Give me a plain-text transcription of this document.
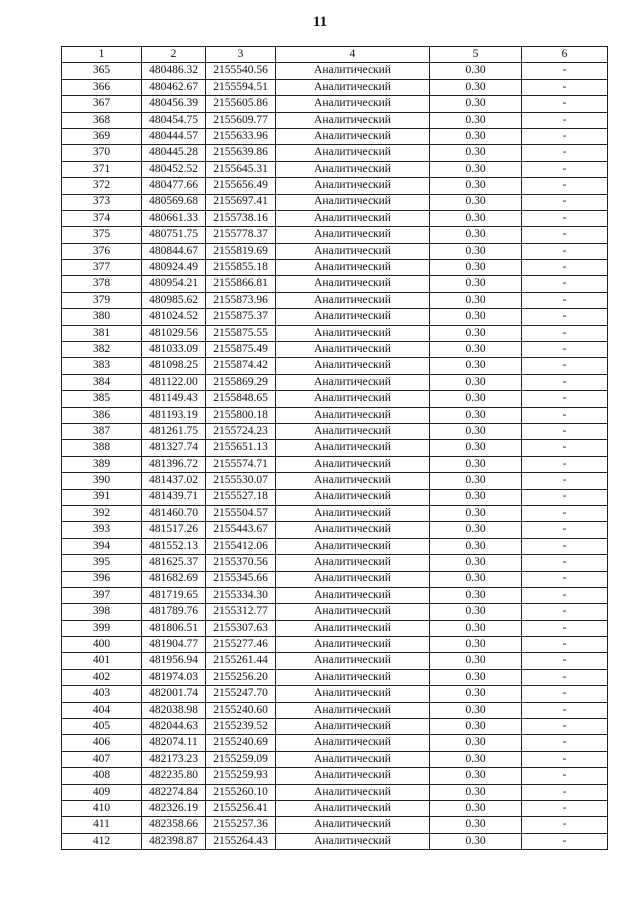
11
1	2	3	4	5	6
365	480486.32	2155540.56	Аналитический	0.30	-
366	480462.67	2155594.51	Аналитический	0.30	-
367	480456.39	2155605.86	Аналитический	0.30	-
368	480454.75	2155609.77	Аналитический	0.30	-
369	480444.57	2155633.96	Аналитический	0.30	-
370	480445.28	2155639.86	Аналитический	0.30	-
371	480452.52	2155645.31	Аналитический	0.30	-
372	480477.66	2155656.49	Аналитический	0.30	-
373	480569.68	2155697.41	Аналитический	0.30	-
374	480661.33	2155738.16	Аналитический	0.30	-
375	480751.75	2155778.37	Аналитический	0.30	-
376	480844.67	2155819.69	Аналитический	0.30	-
377	480924.49	2155855.18	Аналитический	0.30	-
378	480954.21	2155866.81	Аналитический	0.30	-
379	480985.62	2155873.96	Аналитический	0.30	-
380	481024.52	2155875.37	Аналитический	0.30	-
381	481029.56	2155875.55	Аналитический	0.30	-
382	481033.09	2155875.49	Аналитический	0.30	-
383	481098.25	2155874.42	Аналитический	0.30	-
384	481122.00	2155869.29	Аналитический	0.30	-
385	481149.43	2155848.65	Аналитический	0.30	-
386	481193.19	2155800.18	Аналитический	0.30	-
387	481261.75	2155724.23	Аналитический	0.30	-
388	481327.74	2155651.13	Аналитический	0.30	-
389	481396.72	2155574.71	Аналитический	0.30	-
390	481437.02	2155530.07	Аналитический	0.30	-
391	481439.71	2155527.18	Аналитический	0.30	-
392	481460.70	2155504.57	Аналитический	0.30	-
393	481517.26	2155443.67	Аналитический	0.30	-
394	481552.13	2155412.06	Аналитический	0.30	-
395	481625.37	2155370.56	Аналитический	0.30	-
396	481682.69	2155345.66	Аналитический	0.30	-
397	481719.65	2155334.30	Аналитический	0.30	-
398	481789.76	2155312.77	Аналитический	0.30	-
399	481806.51	2155307.63	Аналитический	0.30	-
400	481904.77	2155277.46	Аналитический	0.30	-
401	481956.94	2155261.44	Аналитический	0.30	-
402	481974.03	2155256.20	Аналитический	0.30	-
403	482001.74	2155247.70	Аналитический	0.30	-
404	482038.98	2155240.60	Аналитический	0.30	-
405	482044.63	2155239.52	Аналитический	0.30	-
406	482074.11	2155240.69	Аналитический	0.30	-
407	482173.23	2155259.09	Аналитический	0.30	-
408	482235.80	2155259.93	Аналитический	0.30	-
409	482274.84	2155260.10	Аналитический	0.30	-
410	482326.19	2155256.41	Аналитический	0.30	-
411	482358.66	2155257.36	Аналитический	0.30	-
412	482398.87	2155264.43	Аналитический	0.30	-
